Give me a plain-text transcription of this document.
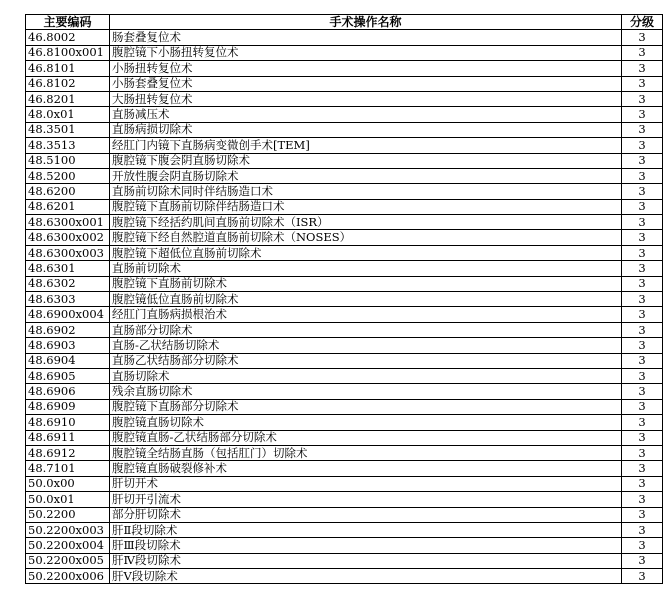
主要编码	手术操作名称	分级
46.8002	肠套叠复位术	3
46.8100x001	腹腔镜下小肠扭转复位术	3
46.8101	小肠扭转复位术	3
46.8102	小肠套叠复位术	3
46.8201	大肠扭转复位术	3
48.0x01	直肠减压术	3
48.3501	直肠病损切除术	3
48.3513	经肛门内镜下直肠病变微创手术[TEM]	3
48.5100	腹腔镜下腹会阴直肠切除术	3
48.5200	开放性腹会阴直肠切除术	3
48.6200	直肠前切除术同时伴结肠造口术	3
48.6201	腹腔镜下直肠前切除伴结肠造口术	3
48.6300x001	腹腔镜下经括约肌间直肠前切除术（ISR）	3
48.6300x002	腹腔镜下经自然腔道直肠前切除术（NOSES）	3
48.6300x003	腹腔镜下超低位直肠前切除术	3
48.6301	直肠前切除术	3
48.6302	腹腔镜下直肠前切除术	3
48.6303	腹腔镜低位直肠前切除术	3
48.6900x004	经肛门直肠病损根治术	3
48.6902	直肠部分切除术	3
48.6903	直肠-乙状结肠切除术	3
48.6904	直肠乙状结肠部分切除术	3
48.6905	直肠切除术	3
48.6906	残余直肠切除术	3
48.6909	腹腔镜下直肠部分切除术	3
48.6910	腹腔镜直肠切除术	3
48.6911	腹腔镜直肠-乙状结肠部分切除术	3
48.6912	腹腔镜全结肠直肠（包括肛门）切除术	3
48.7101	腹腔镜直肠破裂修补术	3
50.0x00	肝切开术	3
50.0x01	肝切开引流术	3
50.2200	部分肝切除术	3
50.2200x003	肝Ⅱ段切除术	3
50.2200x004	肝Ⅲ段切除术	3
50.2200x005	肝Ⅳ段切除术	3
50.2200x006	肝Ⅴ段切除术	3
